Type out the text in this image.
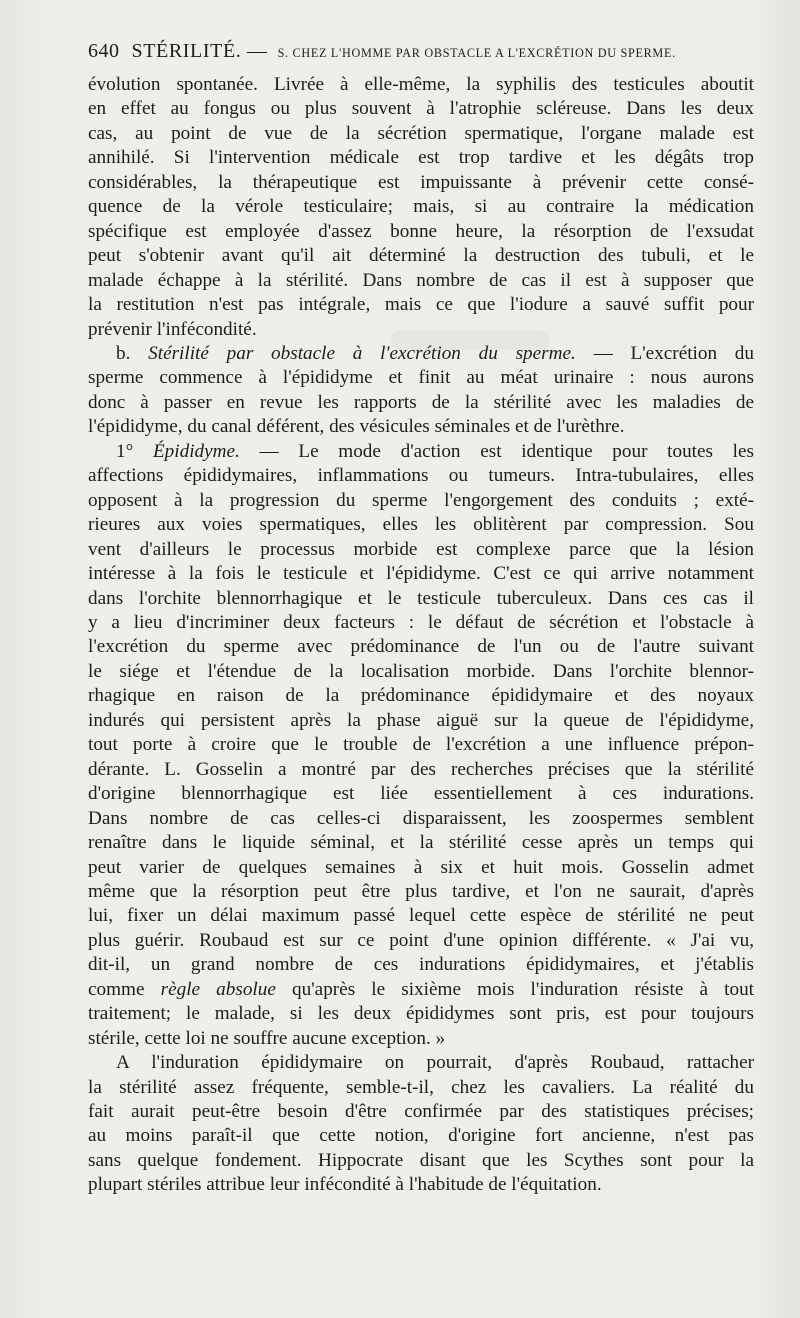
640 STÉRILITÉ. — S. CHEZ L'HOMME PAR OBSTACLE A L'EXCRÉTION DU SPERME.
évolution spontanée. Livrée à elle-même, la syphilis des testicules aboutit
en effet au fongus ou plus souvent à l'atrophie scléreuse. Dans les deux
cas, au point de vue de la sécrétion spermatique, l'organe malade est
annihilé. Si l'intervention médicale est trop tardive et les dégâts trop
considérables, la thérapeutique est impuissante à prévenir cette consé-
quence de la vérole testiculaire; mais, si au contraire la médication
spécifique est employée d'assez bonne heure, la résorption de l'exsudat
peut s'obtenir avant qu'il ait déterminé la destruction des tubuli, et le
malade échappe à la stérilité. Dans nombre de cas il est à supposer que
la restitution n'est pas intégrale, mais ce que l'iodure a sauvé suffit pour
prévenir l'infécondité.
b. Stérilité par obstacle à l'excrétion du sperme. — L'excrétion du
sperme commence à l'épididyme et finit au méat urinaire : nous aurons
donc à passer en revue les rapports de la stérilité avec les maladies de
l'épididyme, du canal déférent, des vésicules séminales et de l'urèthre.
1° Épididyme. — Le mode d'action est identique pour toutes les
affections épididymaires, inflammations ou tumeurs. Intra-tubulaires, elles
opposent à la progression du sperme l'engorgement des conduits ; exté-
rieures aux voies spermatiques, elles les oblitèrent par compression. Sou
vent d'ailleurs le processus morbide est complexe parce que la lésion
intéresse à la fois le testicule et l'épididyme. C'est ce qui arrive notamment
dans l'orchite blennorrhagique et le testicule tuberculeux. Dans ces cas il
y a lieu d'incriminer deux facteurs : le défaut de sécrétion et l'obstacle à
l'excrétion du sperme avec prédominance de l'un ou de l'autre suivant
le siége et l'étendue de la localisation morbide. Dans l'orchite blennor-
rhagique en raison de la prédominance épididymaire et des noyaux
indurés qui persistent après la phase aiguë sur la queue de l'épididyme,
tout porte à croire que le trouble de l'excrétion a une influence prépon-
dérante. L. Gosselin a montré par des recherches précises que la stérilité
d'origine blennorrhagique est liée essentiellement à ces indurations.
Dans nombre de cas celles-ci disparaissent, les zoospermes semblent
renaître dans le liquide séminal, et la stérilité cesse après un temps qui
peut varier de quelques semaines à six et huit mois. Gosselin admet
même que la résorption peut être plus tardive, et l'on ne saurait, d'après
lui, fixer un délai maximum passé lequel cette espèce de stérilité ne peut
plus guérir. Roubaud est sur ce point d'une opinion différente. « J'ai vu,
dit-il, un grand nombre de ces indurations épididymaires, et j'établis
comme règle absolue qu'après le sixième mois l'induration résiste à tout
traitement; le malade, si les deux épididymes sont pris, est pour toujours
stérile, cette loi ne souffre aucune exception. »
A l'induration épididymaire on pourrait, d'après Roubaud, rattacher
la stérilité assez fréquente, semble-t-il, chez les cavaliers. La réalité du
fait aurait peut-être besoin d'être confirmée par des statistiques précises;
au moins paraît-il que cette notion, d'origine fort ancienne, n'est pas
sans quelque fondement. Hippocrate disant que les Scythes sont pour la
plupart stériles attribue leur infécondité à l'habitude de l'équitation.
